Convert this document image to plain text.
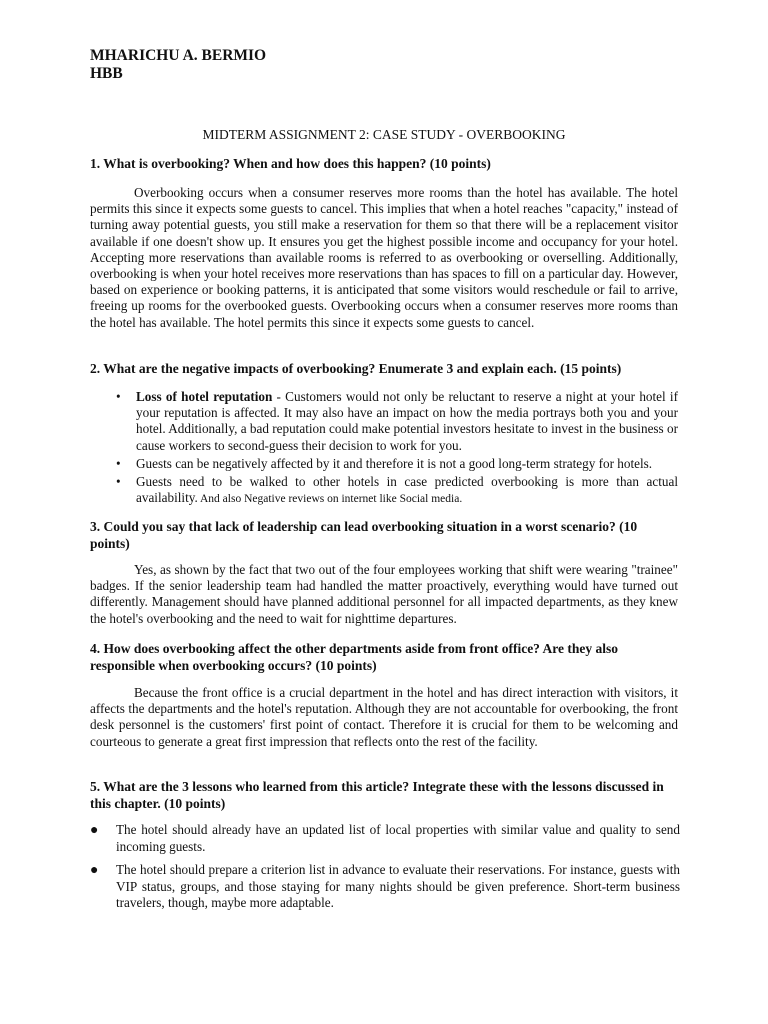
MHARICHU A. BERMIO
HBB
MIDTERM ASSIGNMENT 2: CASE STUDY - OVERBOOKING
1. What is overbooking? When and how does this happen? (10 points)

Overbooking occurs when a consumer reserves more rooms than the hotel has available. The hotel permits this since it expects some guests to cancel. This implies that when a hotel reaches "capacity," instead of turning away potential guests, you still make a reservation for them so that there will be a replacement visitor available if one doesn't show up. It ensures you get the highest possible income and occupancy for your hotel. Accepting more reservations than available rooms is referred to as overbooking or overselling. Additionally, overbooking is when your hotel receives more reservations than has spaces to fill on a particular day. However, based on experience or booking patterns, it is anticipated that some visitors would reschedule or fail to arrive, freeing up rooms for the overbooked guests. Overbooking occurs when a consumer reserves more rooms than the hotel has available. The hotel permits this since it expects some guests to cancel.

2. What are the negative impacts of overbooking? Enumerate 3 and explain each. (15 points)
• Loss of hotel reputation - Customers would not only be reluctant to reserve a night at your hotel if your reputation is affected. It may also have an impact on how the media portrays both you and your hotel. Additionally, a bad reputation could make potential investors hesitate to invest in the business or cause workers to second-guess their decision to work for you.
• Guests can be negatively affected by it and therefore it is not a good long-term strategy for hotels.
• Guests need to be walked to other hotels in case predicted overbooking is more than actual availability. And also Negative reviews on internet like Social media.
3. Could you say that lack of leadership can lead overbooking situation in a worst scenario? (10 points)

Yes, as shown by the fact that two out of the four employees working that shift were wearing "trainee" badges. If the senior leadership team had handled the matter proactively, everything would have turned out differently. Management should have planned additional personnel for all impacted departments, as they knew the hotel's overbooking and the need to wait for nighttime departures.

4. How does overbooking affect the other departments aside from front office? Are they also responsible when overbooking occurs? (10 points)

Because the front office is a crucial department in the hotel and has direct interaction with visitors, it affects the departments and the hotel's reputation. Although they are not accountable for overbooking, the front desk personnel is the customers' first point of contact. Therefore it is crucial for them to be welcoming and courteous to generate a great first impression that reflects onto the rest of the facility.

5. What are the 3 lessons who learned from this article? Integrate these with the lessons discussed in this chapter. (10 points)
● The hotel should already have an updated list of local properties with similar value and quality to send incoming guests.
● The hotel should prepare a criterion list in advance to evaluate their reservations. For instance, guests with VIP status, groups, and those staying for many nights should be given preference. Short-term business travelers, though, maybe more adaptable.
